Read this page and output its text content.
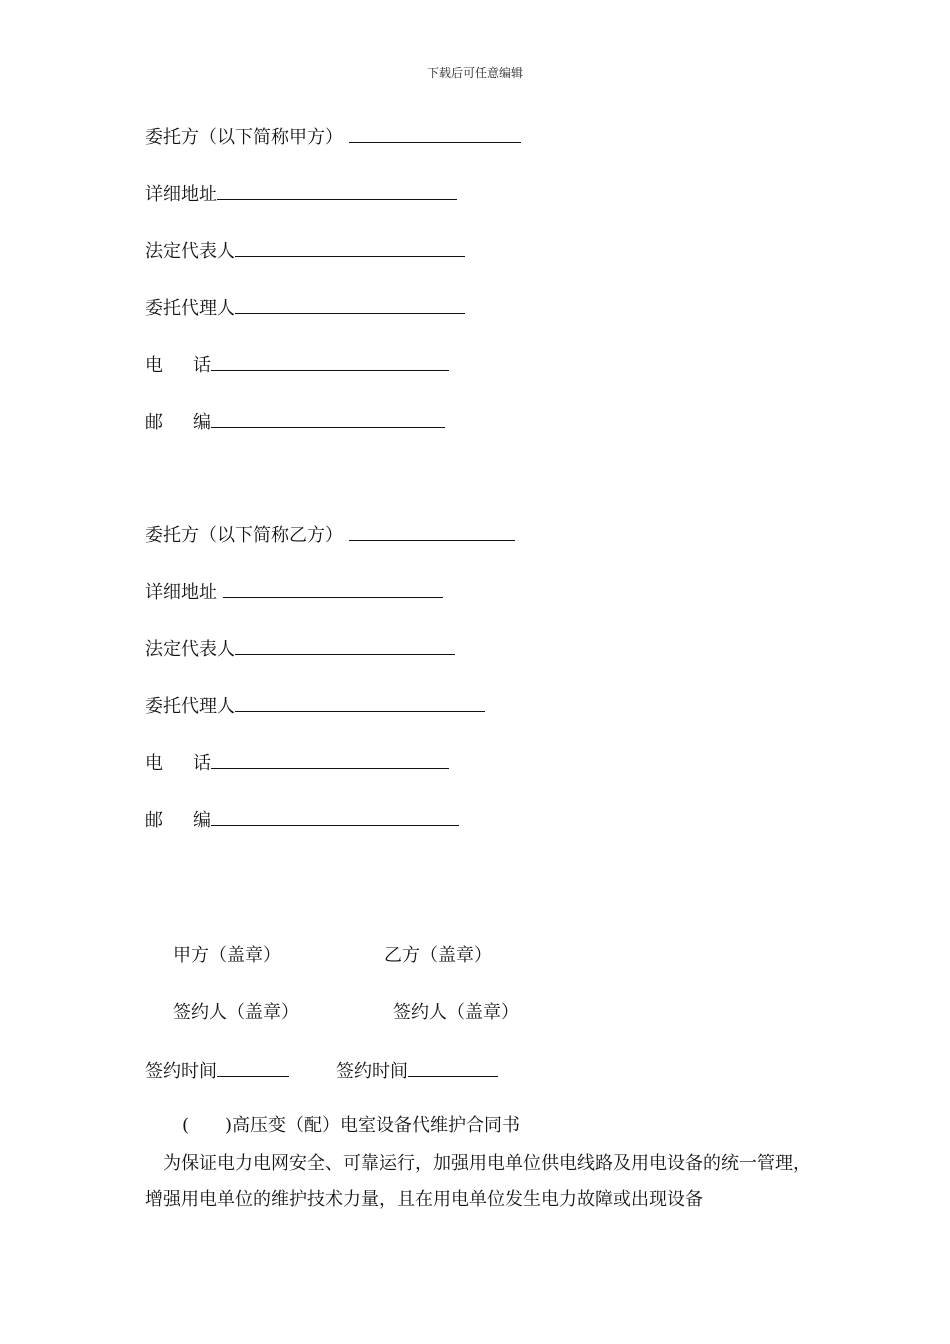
下载后可任意编辑
委托方（以下简称甲方）
详细地址
法定代表人
委托代理人
电 话
邮 编
委托方（以下简称乙方）
详细地址
法定代表人
委托代理人
电 话
邮 编
甲方（盖章）	乙方（盖章）
签约人（盖章）	签约人（盖章）
签约时间	签约时间
(　　)高压变（配）电室设备代维护合同书
为保证电力电网安全、可靠运行，加强用电单位供电线路及用电设备的统一管理，增强用电单位的维护技术力量，且在用电单位发生电力故障或出现设备
